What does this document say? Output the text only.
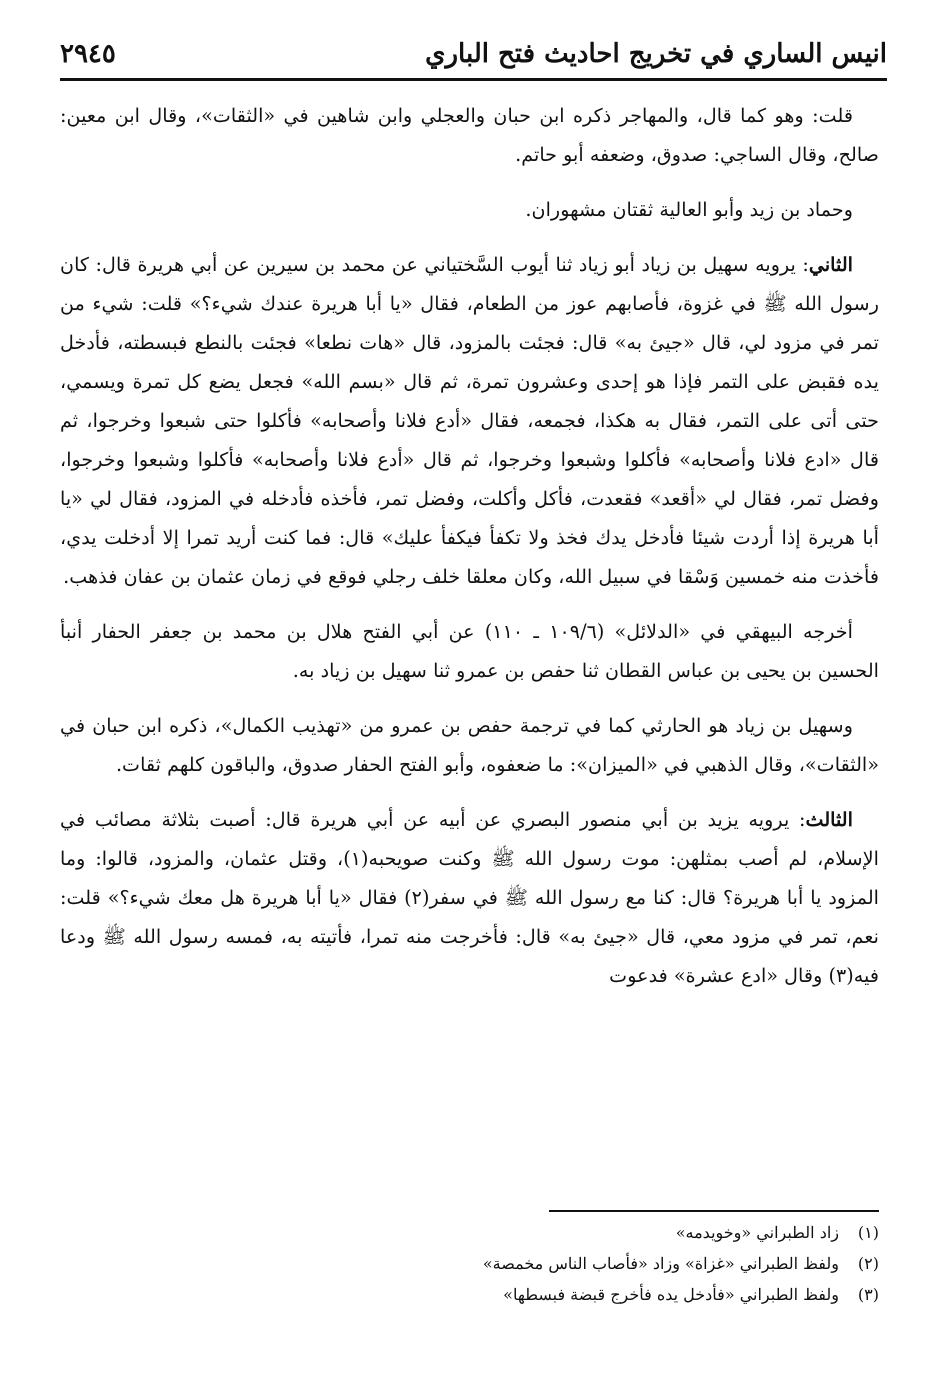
انيس الساري في تخريج احاديث فتح الباري
٢٩٤٥

قلت: وهو كما قال، والمهاجر ذكره ابن حبان والعجلي وابن شاهين في «الثقات»، وقال ابن معين: صالح، وقال الساجي: صدوق، وضعفه أبو حاتم.

وحماد بن زيد وأبو العالية ثقتان مشهوران.

الثاني: يرويه سهيل بن زياد أبو زياد ثنا أيوب السَّختياني عن محمد بن سيرين عن أبي هريرة قال: كان رسول الله ﷺ في غزوة، فأصابهم عوز من الطعام، فقال «يا أبا هريرة عندك شيء؟» قلت: شيء من تمر في مزود لي، قال «جيئ به» قال: فجئت بالمزود، قال «هات نطعا» فجئت بالنطع فبسطته، فأدخل يده فقبض على التمر فإذا هو إحدى وعشرون تمرة، ثم قال «بسم الله» فجعل يضع كل تمرة ويسمي، حتى أتى على التمر، فقال به هكذا، فجمعه، فقال «أدع فلانا وأصحابه» فأكلوا حتى شبعوا وخرجوا، ثم قال «ادع فلانا وأصحابه» فأكلوا وشبعوا وخرجوا، ثم قال «أدع فلانا وأصحابه» فأكلوا وشبعوا وخرجوا، وفضل تمر، فقال لي «أقعد» فقعدت، فأكل وأكلت، وفضل تمر، فأخذه فأدخله في المزود، فقال لي «يا أبا هريرة إذا أردت شيئا فأدخل يدك فخذ ولا تكفأ فيكفأ عليك» قال: فما كنت أريد تمرا إلا أدخلت يدي، فأخذت منه خمسين وَسْقا في سبيل الله، وكان معلقا خلف رجلي فوقع في زمان عثمان بن عفان فذهب.

أخرجه البيهقي في «الدلائل» (١٠٩/٦ ـ ١١٠) عن أبي الفتح هلال بن محمد بن جعفر الحفار أنبأ الحسين بن يحيى بن عباس القطان ثنا حفص بن عمرو ثنا سهيل بن زياد به.

وسهيل بن زياد هو الحارثي كما في ترجمة حفص بن عمرو من «تهذيب الكمال»، ذكره ابن حبان في «الثقات»، وقال الذهبي في «الميزان»: ما ضعفوه، وأبو الفتح الحفار صدوق، والباقون كلهم ثقات.

الثالث: يرويه يزيد بن أبي منصور البصري عن أبيه عن أبي هريرة قال: أصبت بثلاثة مصائب في الإسلام، لم أصب بمثلهن: موت رسول الله ﷺ وكنت صويحبه(١)، وقتل عثمان، والمزود، قالوا: وما المزود يا أبا هريرة؟ قال: كنا مع رسول الله ﷺ في سفر(٢) فقال «يا أبا هريرة هل معك شيء؟» قلت: نعم، تمر في مزود معي، قال «جيئ به» قال: فأخرجت منه تمرا، فأتيته به، فمسه رسول الله ﷺ ودعا فيه(٣) وقال «ادع عشرة» فدعوت

(١)
زاد الطبراني «وخويدمه»
(٢)
ولفظ الطبراني «غزاة» وزاد «فأصاب الناس مخمصة»
(٣)
ولفظ الطبراني «فأدخل يده فأخرج قبضة فبسطها»
